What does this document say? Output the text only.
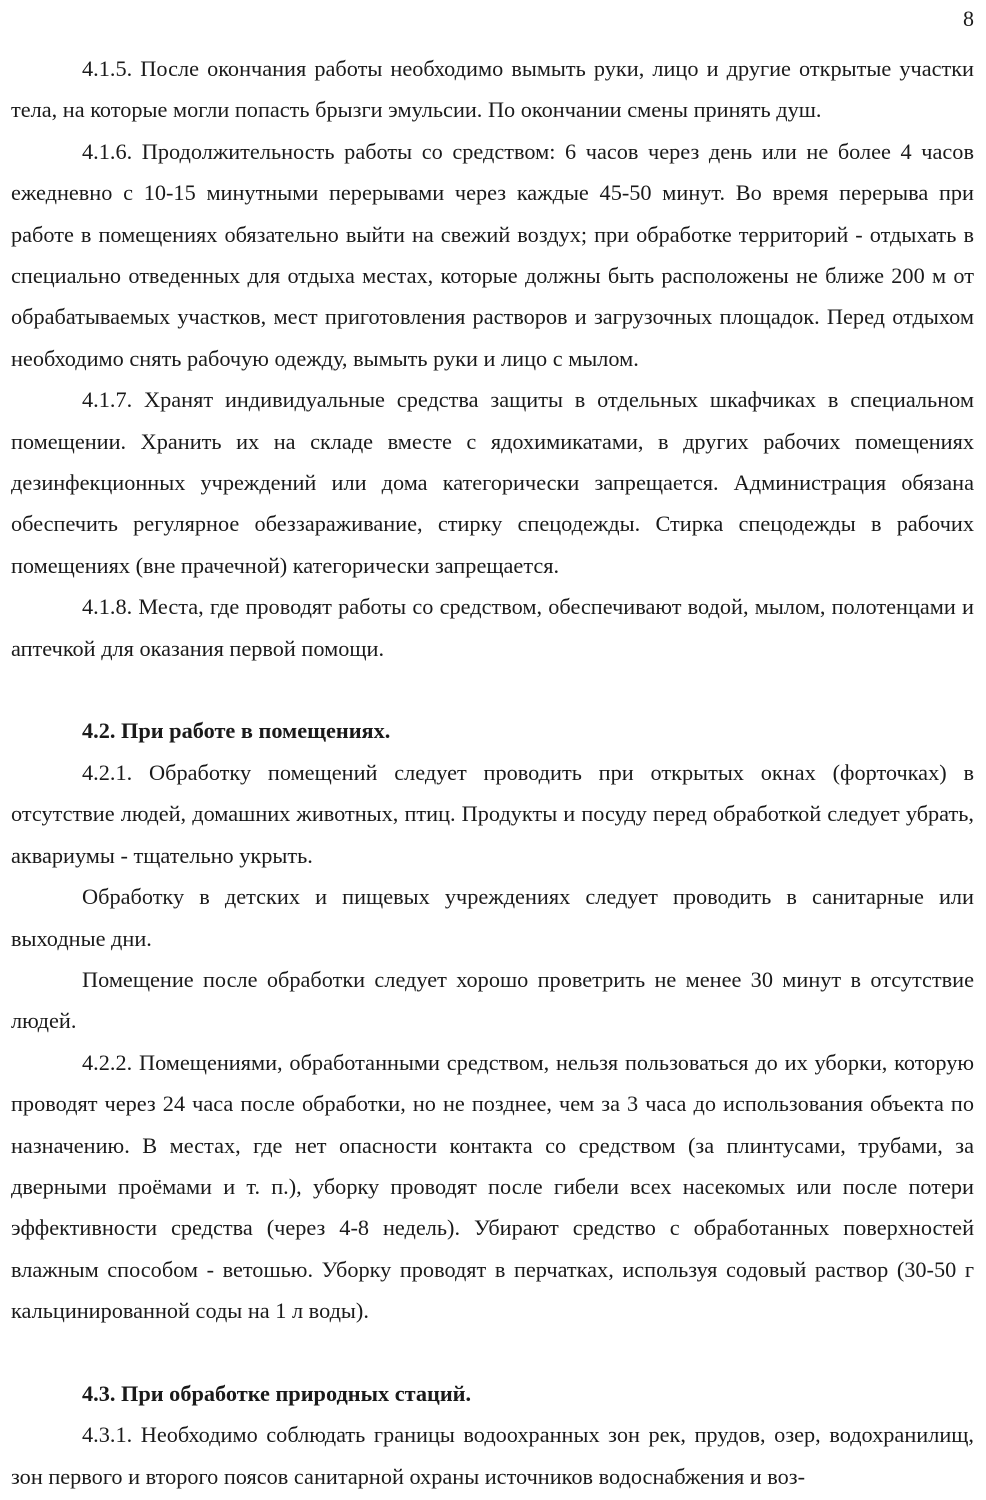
8

4.1.5. После окончания работы необходимо вымыть руки, лицо и другие открытые участки тела, на которые могли попасть брызги эмульсии. По окончании смены принять душ.

4.1.6. Продолжительность работы со средством: 6 часов через день или не более 4 часов ежедневно с 10-15 минутными перерывами через каждые 45-50 минут. Во время перерыва при работе в помещениях обязательно выйти на свежий воздух; при обработке территорий - отдыхать в специально отведенных для отдыха местах, которые должны быть расположены не ближе 200 м от обрабатываемых участков, мест приготовления растворов и загрузочных площадок. Перед отдыхом необходимо снять рабочую одежду, вымыть руки и лицо с мылом.

4.1.7. Хранят индивидуальные средства защиты в отдельных шкафчиках в специальном помещении. Хранить их на складе вместе с ядохимикатами, в других рабочих помещениях дезинфекционных учреждений или дома категорически запрещается. Администрация обязана обеспечить регулярное обеззараживание, стирку спецодежды. Стирка спецодежды в рабочих помещениях (вне прачечной) категорически запрещается.

4.1.8. Места, где проводят работы со средством, обеспечивают водой, мылом, полотенцами и аптечкой для оказания первой помощи.

4.2. При работе в помещениях.

4.2.1. Обработку помещений следует проводить при открытых окнах (форточках) в отсутствие людей, домашних животных, птиц. Продукты и посуду перед обработкой следует убрать, аквариумы - тщательно укрыть.

Обработку в детских и пищевых учреждениях следует проводить в санитарные или выходные дни.

Помещение после обработки следует хорошо проветрить не менее 30 минут в отсутствие людей.

4.2.2. Помещениями, обработанными средством, нельзя пользоваться до их уборки, которую проводят через 24 часа после обработки, но не позднее, чем за 3 часа до использования объекта по назначению. В местах, где нет опасности контакта со средством (за плинтусами, трубами, за дверными проёмами и т. п.), уборку проводят после гибели всех насекомых или после потери эффективности средства (через 4-8 недель). Убирают средство с обработанных поверхностей влажным способом - ветошью. Уборку проводят в перчатках, используя содовый раствор (30-50 г кальцинированной соды на 1 л воды).

4.3. При обработке природных стаций.

4.3.1. Необходимо соблюдать границы водоохранных зон рек, прудов, озер, водохранилищ, зон первого и второго поясов санитарной охраны источников водоснабжения и воз-
